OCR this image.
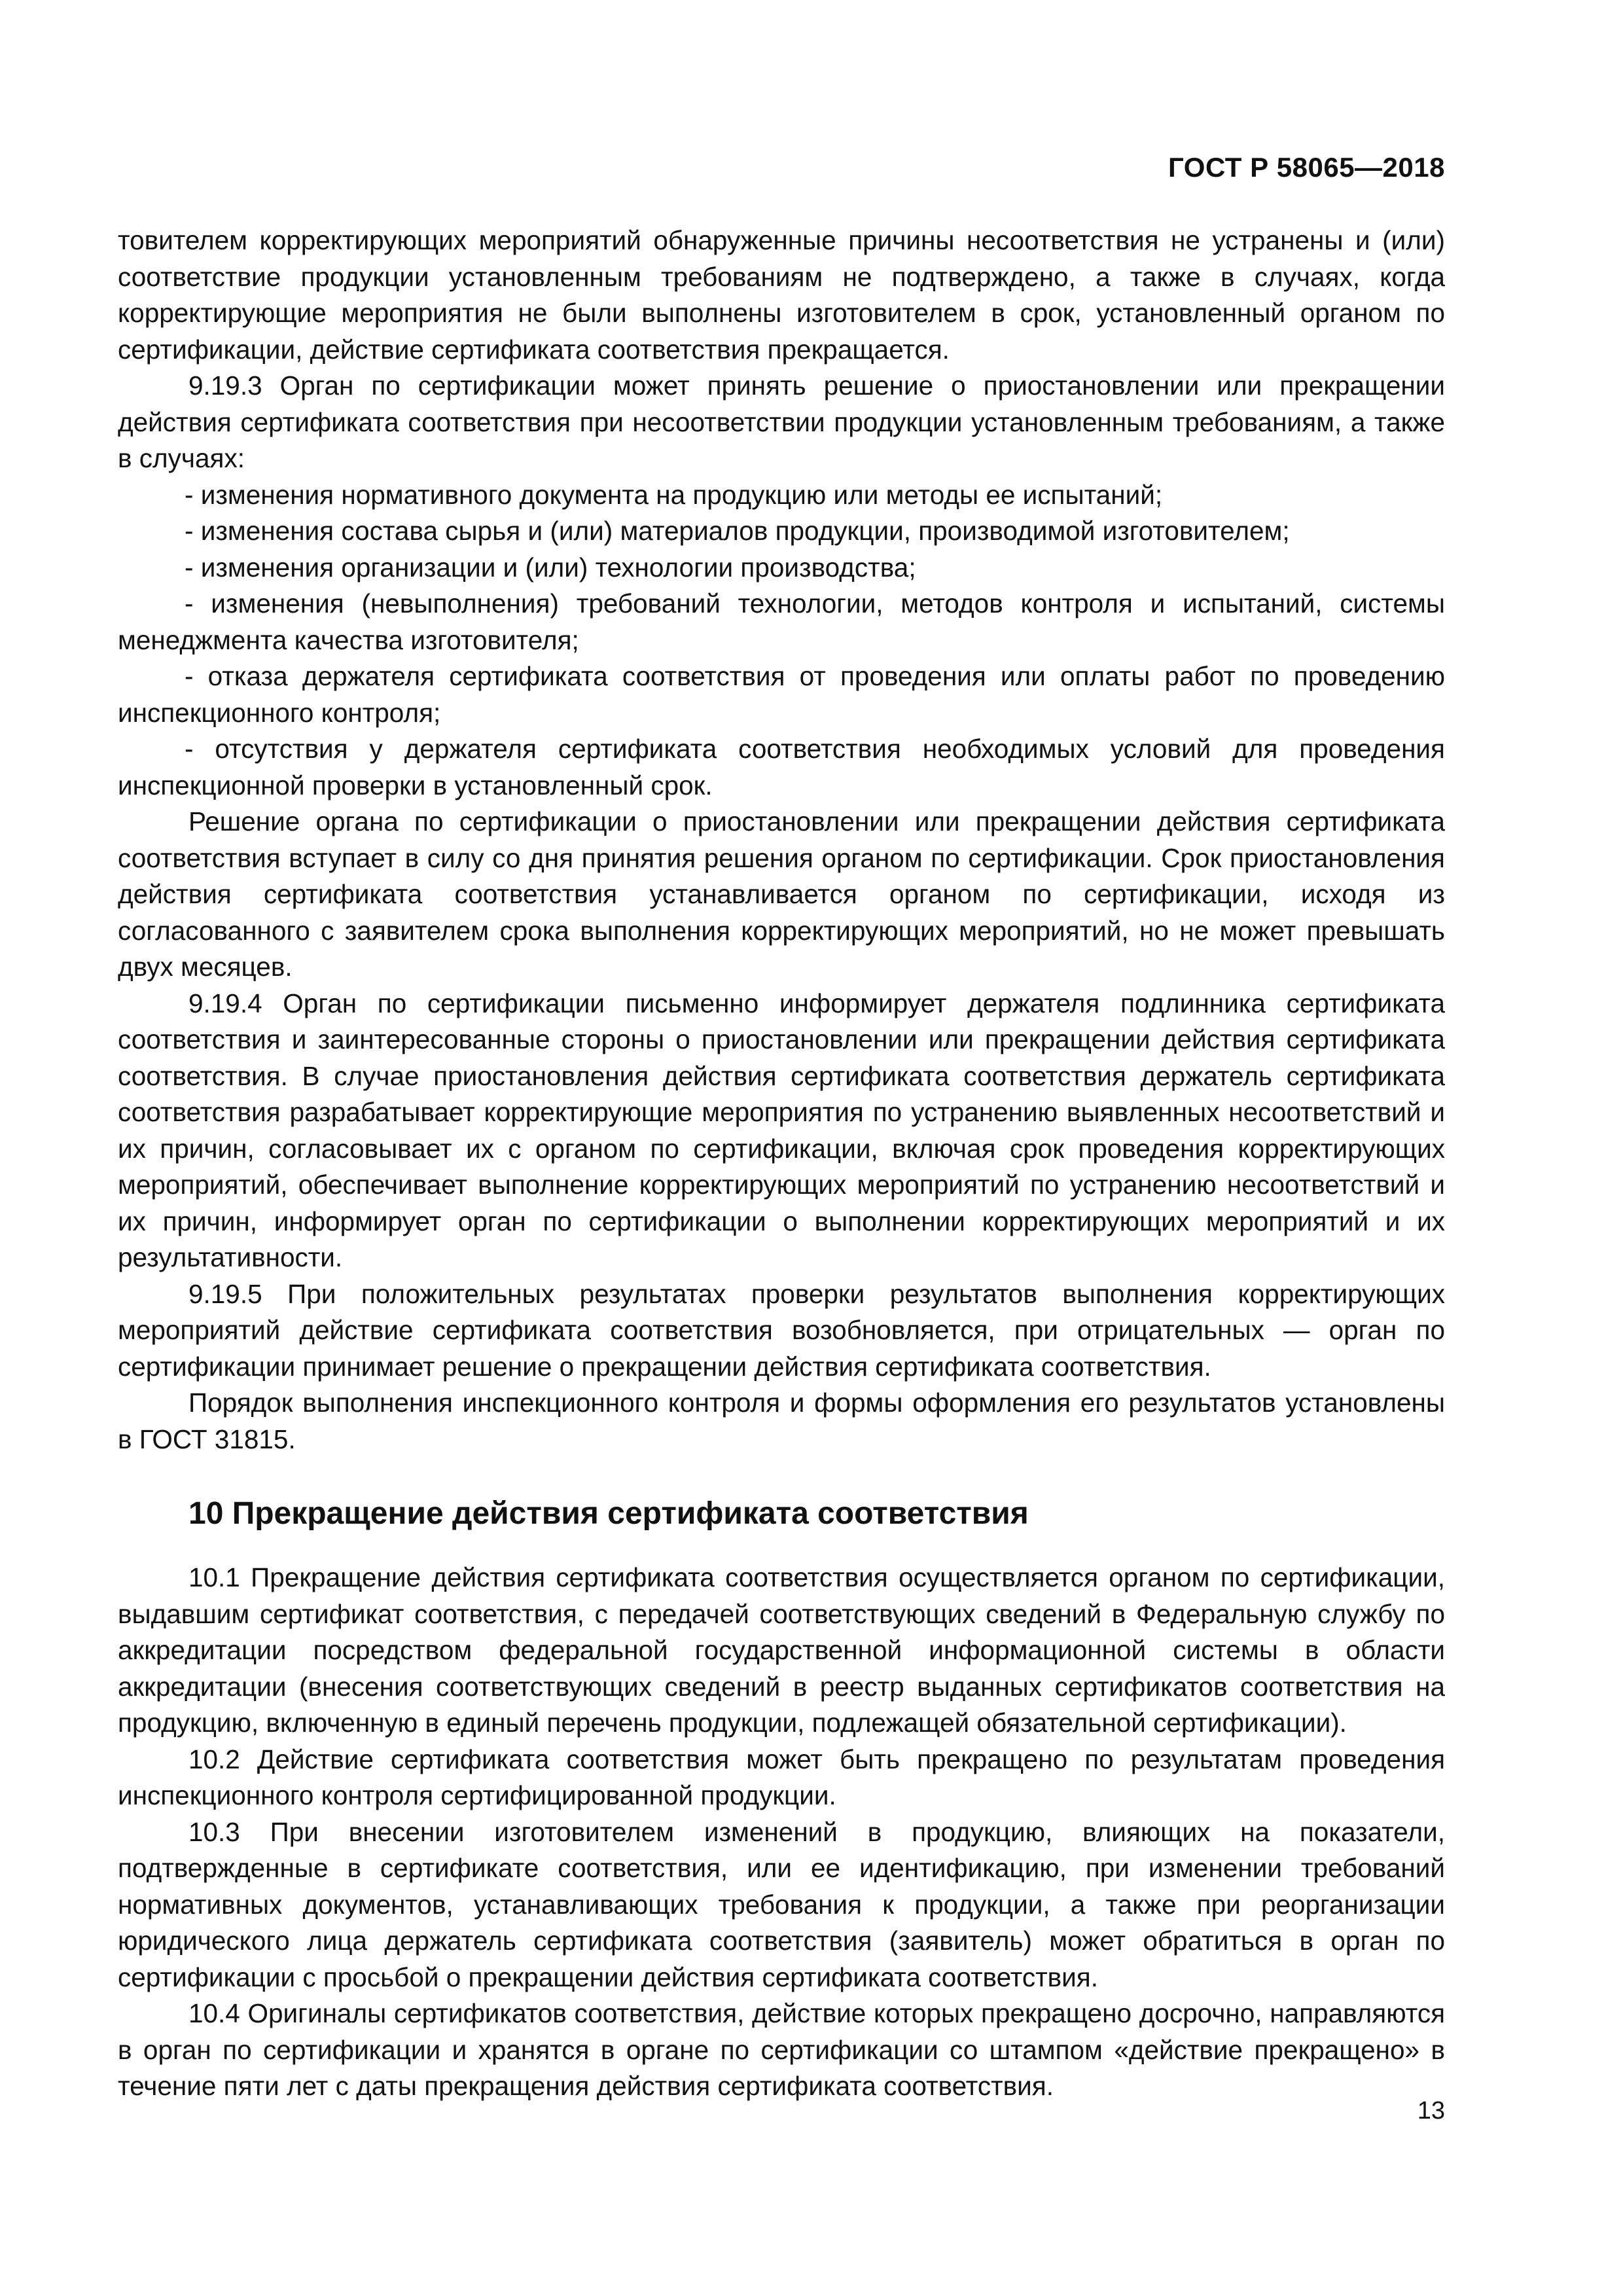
ГОСТ Р 58065—2018

товителем корректирующих мероприятий обнаруженные причины несоответствия не устранены и (или) соответствие продукции установленным требованиям не подтверждено, а также в случаях, когда корректирующие мероприятия не были выполнены изготовителем в срок, установленный органом по сертификации, действие сертификата соответствия прекращается.

9.19.3 Орган по сертификации может принять решение о приостановлении или прекращении действия сертификата соответствия при несоответствии продукции установленным требованиям, а также в случаях:

- изменения нормативного документа на продукцию или методы ее испытаний;

- изменения состава сырья и (или) материалов продукции, производимой изготовителем;

- изменения организации и (или) технологии производства;

- изменения (невыполнения) требований технологии, методов контроля и испытаний, системы менеджмента качества изготовителя;

- отказа держателя сертификата соответствия от проведения или оплаты работ по проведению инспекционного контроля;

- отсутствия у держателя сертификата соответствия необходимых условий для проведения инспекционной проверки в установленный срок.

Решение органа по сертификации о приостановлении или прекращении действия сертификата соответствия вступает в силу со дня принятия решения органом по сертификации. Срок приостановления действия сертификата соответствия устанавливается органом по сертификации, исходя из согласованного с заявителем срока выполнения корректирующих мероприятий, но не может превышать двух месяцев.

9.19.4 Орган по сертификации письменно информирует держателя подлинника сертификата соответствия и заинтересованные стороны о приостановлении или прекращении действия сертификата соответствия. В случае приостановления действия сертификата соответствия держатель сертификата соответствия разрабатывает корректирующие мероприятия по устранению выявленных несоответствий и их причин, согласовывает их с органом по сертификации, включая срок проведения корректирующих мероприятий, обеспечивает выполнение корректирующих мероприятий по устранению несоответствий и их причин, информирует орган по сертификации о выполнении корректирующих мероприятий и их результативности.

9.19.5 При положительных результатах проверки результатов выполнения корректирующих мероприятий действие сертификата соответствия возобновляется, при отрицательных — орган по сертификации принимает решение о прекращении действия сертификата соответствия.

Порядок выполнения инспекционного контроля и формы оформления его результатов установлены в ГОСТ 31815.

10 Прекращение действия сертификата соответствия

10.1 Прекращение действия сертификата соответствия осуществляется органом по сертификации, выдавшим сертификат соответствия, с передачей соответствующих сведений в Федеральную службу по аккредитации посредством федеральной государственной информационной системы в области аккредитации (внесения соответствующих сведений в реестр выданных сертификатов соответствия на продукцию, включенную в единый перечень продукции, подлежащей обязательной сертификации).

10.2 Действие сертификата соответствия может быть прекращено по результатам проведения инспекционного контроля сертифицированной продукции.

10.3 При внесении изготовителем изменений в продукцию, влияющих на показатели, подтвержденные в сертификате соответствия, или ее идентификацию, при изменении требований нормативных документов, устанавливающих требования к продукции, а также при реорганизации юридического лица держатель сертификата соответствия (заявитель) может обратиться в орган по сертификации с просьбой о прекращении действия сертификата соответствия.

10.4 Оригиналы сертификатов соответствия, действие которых прекращено досрочно, направляются в орган по сертификации и хранятся в органе по сертификации со штампом «действие прекращено» в течение пяти лет с даты прекращения действия сертификата соответствия.

13
